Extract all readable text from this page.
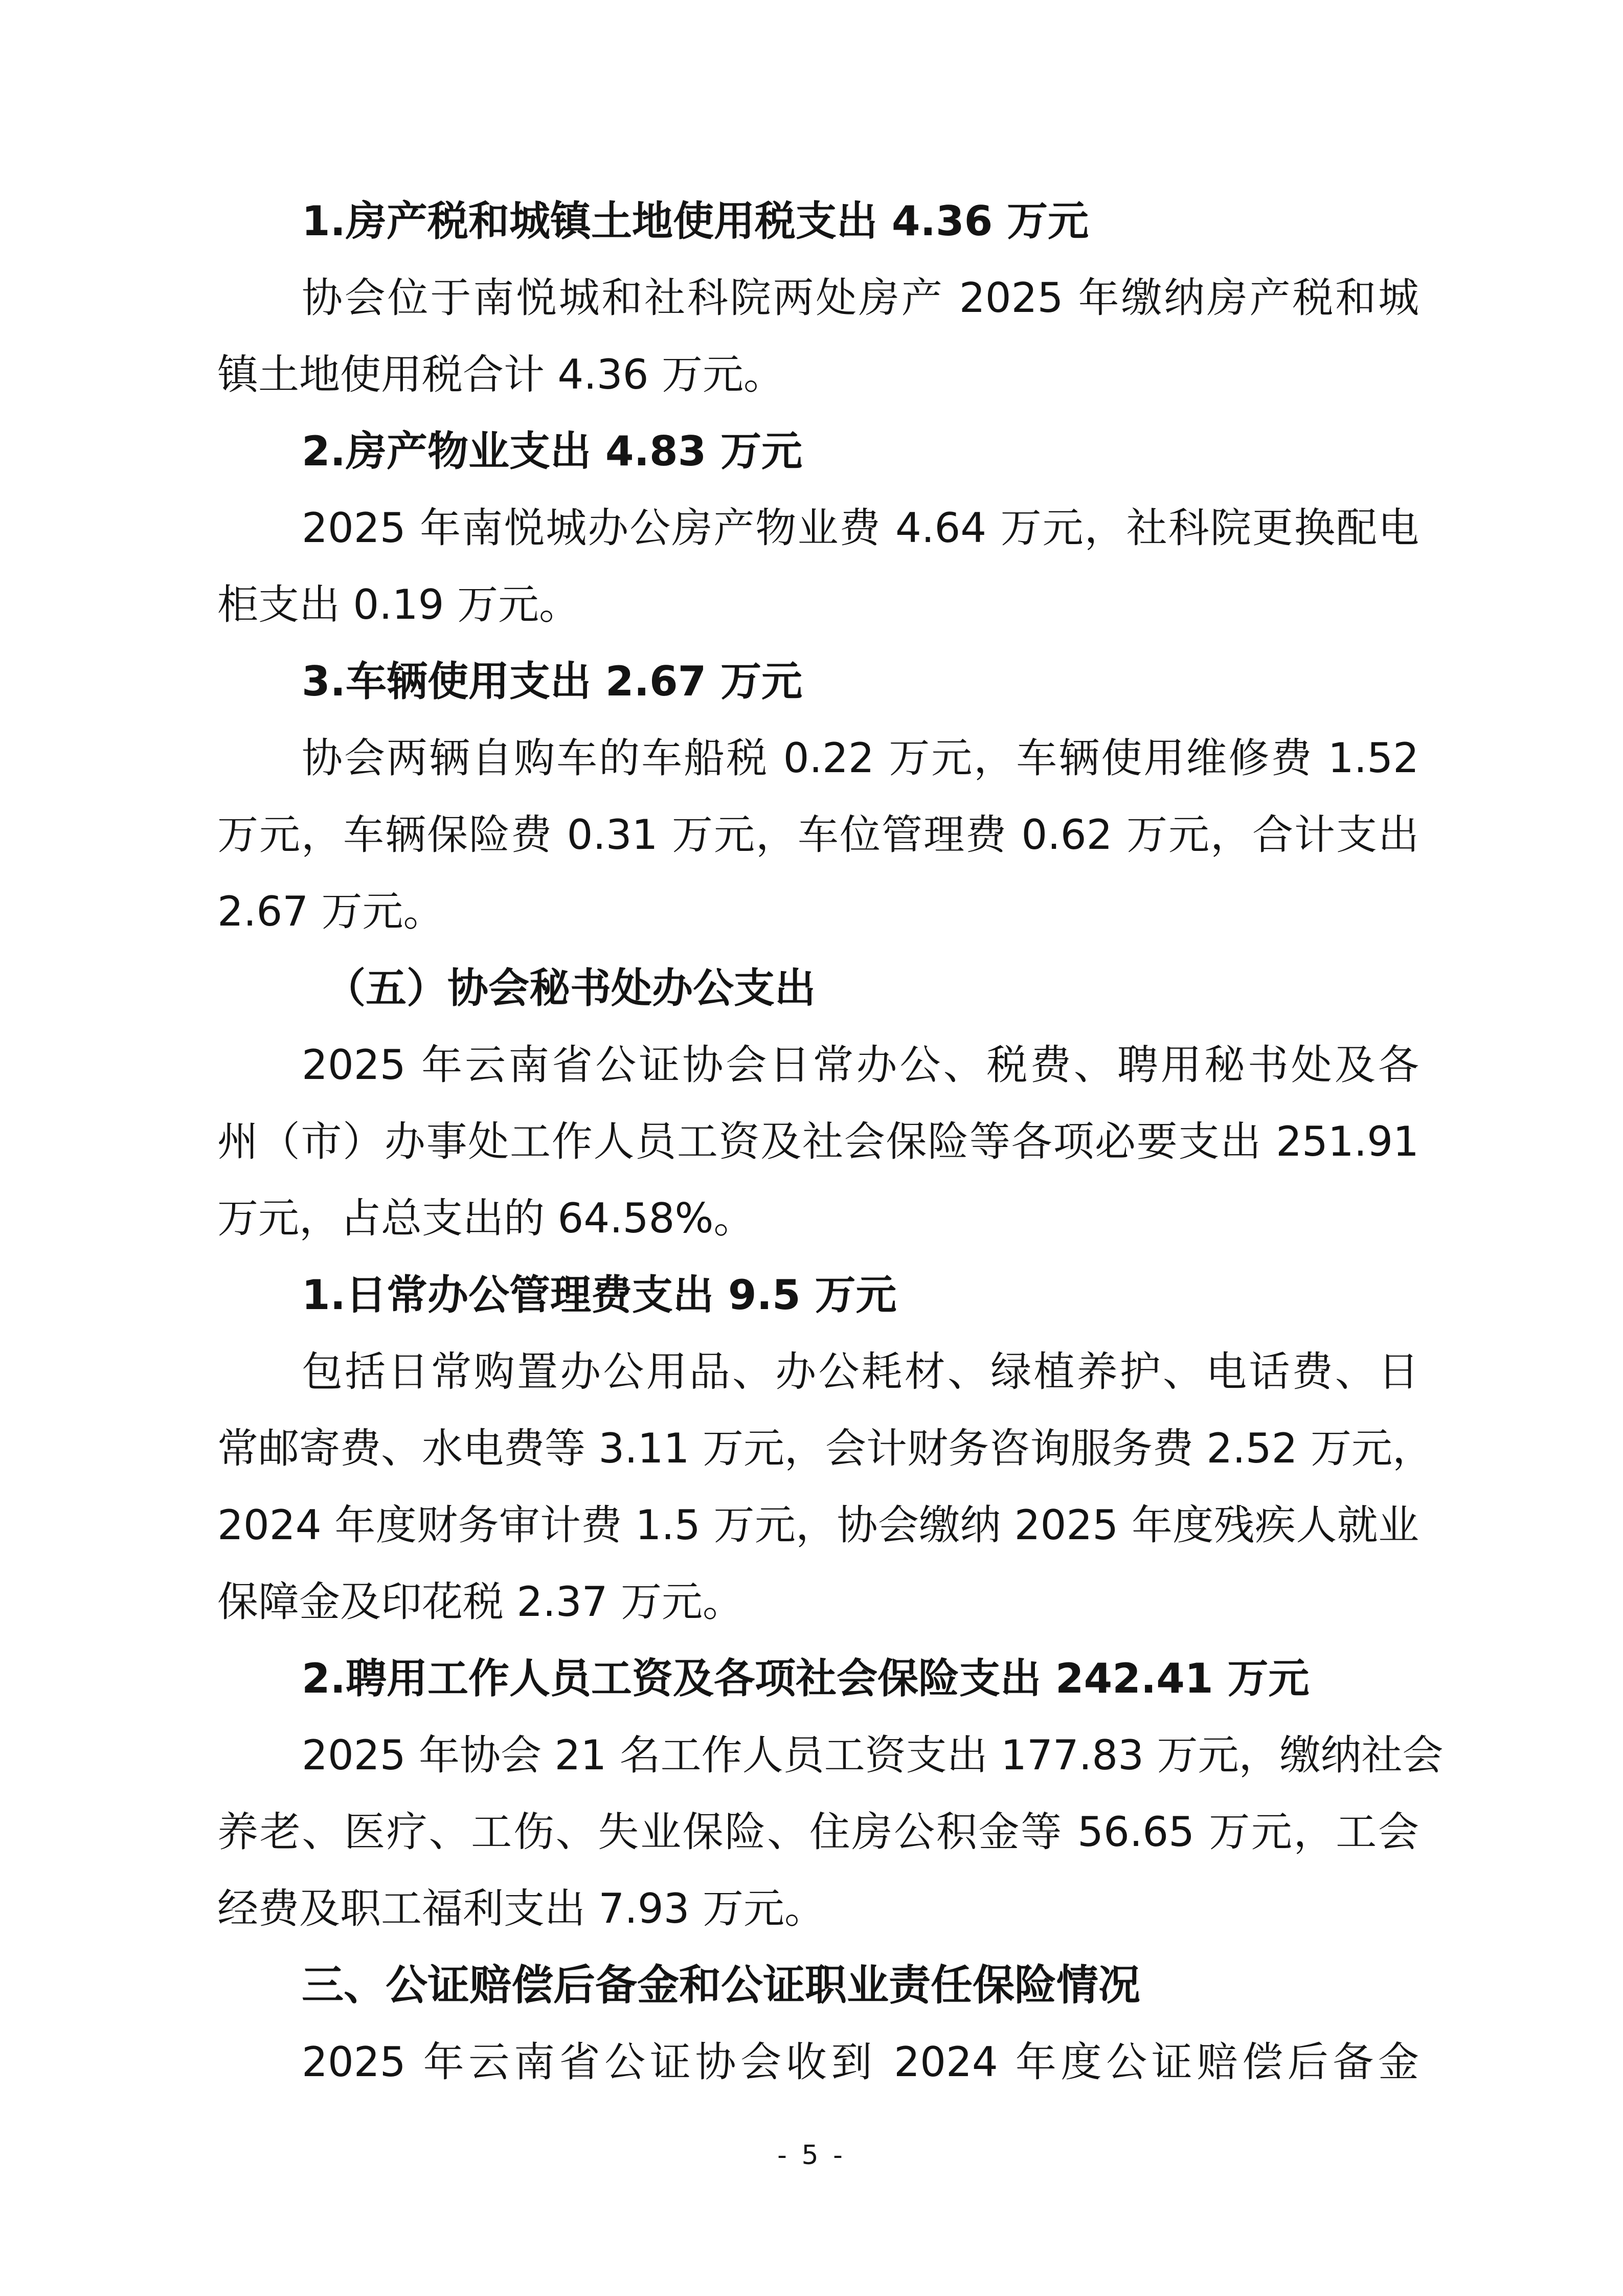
1.房产税和城镇土地使用税支出 4.36 万元
协会位于南悦城和社科院两处房产 2025 年缴纳房产税和城
镇土地使用税合计 4.36 万元。
2.房产物业支出 4.83 万元
2025 年南悦城办公房产物业费 4.64 万元，社科院更换配电
柜支出 0.19 万元。
3.车辆使用支出 2.67 万元
协会两辆自购车的车船税 0.22 万元，车辆使用维修费 1.52
万元，车辆保险费 0.31 万元，车位管理费 0.62 万元，合计支出
2.67 万元。
（五）协会秘书处办公支出
2025 年云南省公证协会日常办公、税费、聘用秘书处及各
州（市）办事处工作人员工资及社会保险等各项必要支出 251.91
万元，占总支出的 64.58%。
1.日常办公管理费支出 9.5 万元
包括日常购置办公用品、办公耗材、绿植养护、电话费、日
常邮寄费、水电费等 3.11 万元，会计财务咨询服务费 2.52 万元，
2024 年度财务审计费 1.5 万元，协会缴纳 2025 年度残疾人就业
保障金及印花税 2.37 万元。
2.聘用工作人员工资及各项社会保险支出 242.41 万元
2025 年协会 21 名工作人员工资支出 177.83 万元，缴纳社会
养老、医疗、工伤、失业保险、住房公积金等 56.65 万元，工会
经费及职工福利支出 7.93 万元。
三、公证赔偿后备金和公证职业责任保险情况
2025 年云南省公证协会收到 2024 年度公证赔偿后备金
- 5 -
